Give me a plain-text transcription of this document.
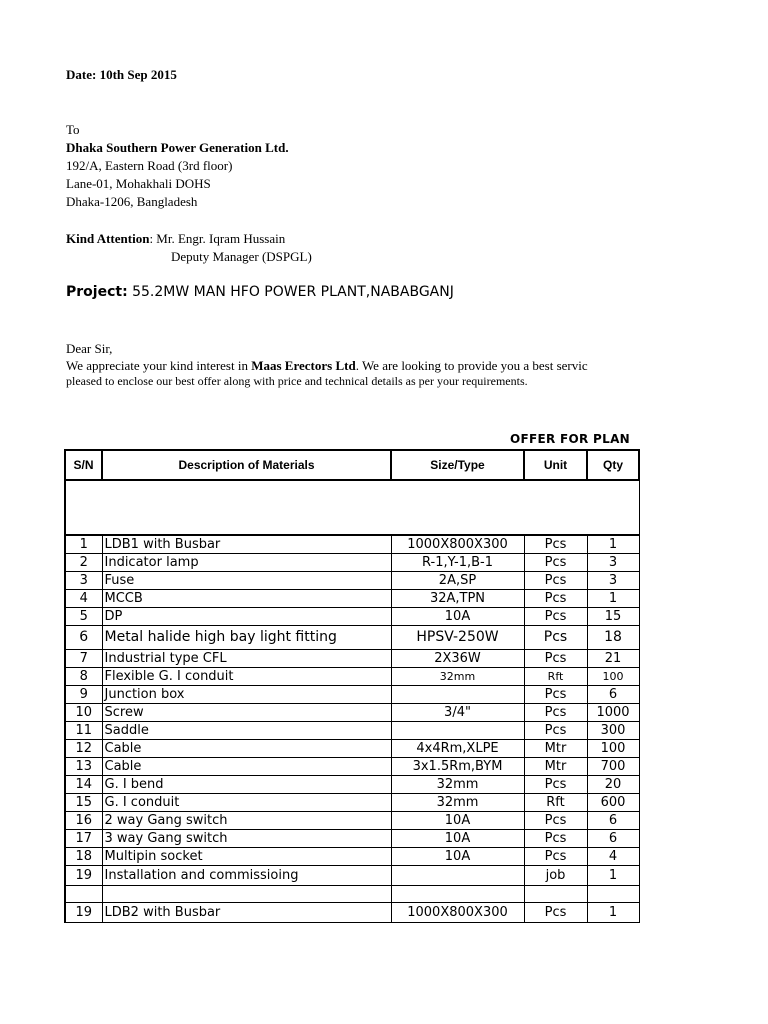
Date: 10th Sep 2015
To
Dhaka Southern Power Generation Ltd.
192/A, Eastern Road (3rd floor)
Lane-01, Mohakhali DOHS
Dhaka-1206, Bangladesh
Kind Attention: Mr. Engr. Iqram Hussain
Deputy Manager (DSPGL)
Project: 55.2MW MAN HFO POWER PLANT,NABABGANJ
Dear Sir,
We appreciate your kind interest in Maas Erectors Ltd. We are looking to provide you a best servic
pleased to enclose our best offer along with price and technical details as per your requirements.
OFFER FOR PLAN
S/N	Description of Materials	Size/Type	Unit	Qty

1	LDB1 with Busbar	1000X800X300	Pcs	1
2	Indicator lamp	R-1,Y-1,B-1	Pcs	3
3	Fuse	2A,SP	Pcs	3
4	MCCB	32A,TPN	Pcs	1
5	DP	10A	Pcs	15
6	Metal halide high bay light fitting	HPSV-250W	Pcs	18
7	Industrial type CFL	2X36W	Pcs	21
8	Flexible G. I conduit	32mm	Rft	100
9	Junction box		Pcs	6
10	Screw	3/4"	Pcs	1000
11	Saddle		Pcs	300
12	Cable	4x4Rm,XLPE	Mtr	100
13	Cable	3x1.5Rm,BYM	Mtr	700
14	G. I bend	32mm	Pcs	20
15	G. I conduit	32mm	Rft	600
16	2 way Gang switch	10A	Pcs	6
17	3 way Gang switch	10A	Pcs	6
18	Multipin socket	10A	Pcs	4
19	Installation and commissioing		job	1

19	LDB2 with Busbar	1000X800X300	Pcs	1
